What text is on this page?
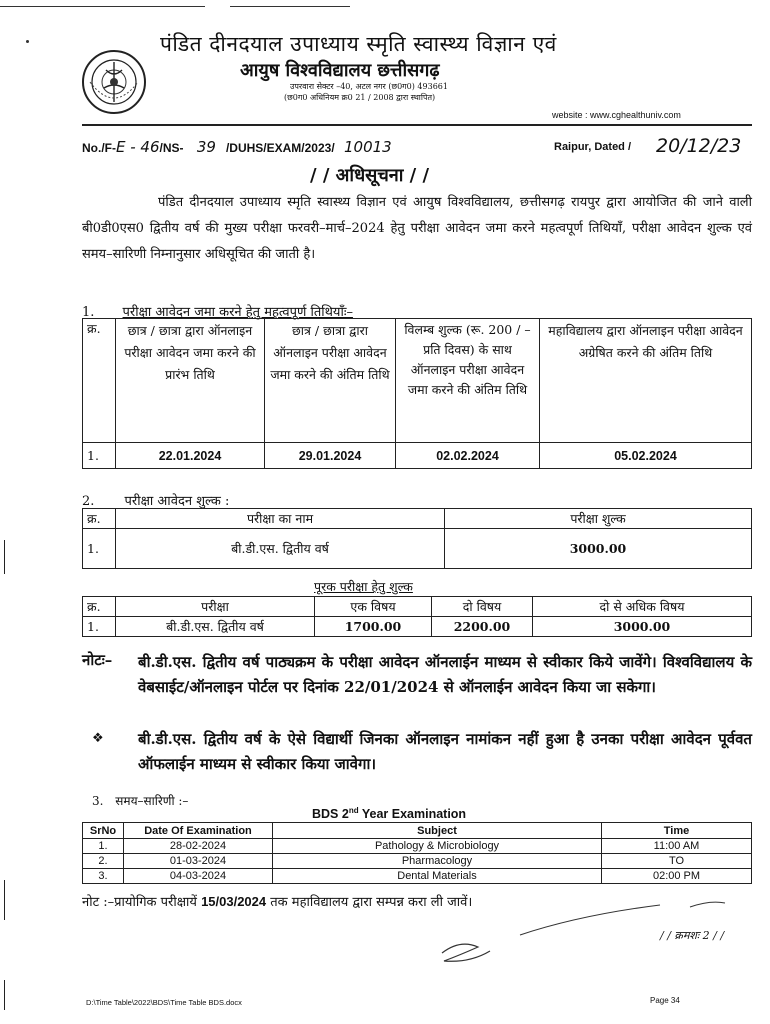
पंडित दीनदयाल उपाध्याय स्मृति स्वास्थ्य विज्ञान एवं
आयुष विश्वविद्यालय छत्तीसगढ़
उपरवारा सेक्टर –40, अटल नगर (छ0ग0) 493661
(छ0ग0 अधिनियम क्र0 21 / 2008 द्वारा स्थापित)
website : www.cghealthuniv.com
No./F-E - 46/NS- 39 /DUHS/EXAM/2023/ 10013	Raipur, Dated / 20/12/23
/ / अधिसूचना / /

पंडित दीनदयाल उपाध्याय स्मृति स्वास्थ्य विज्ञान एवं आयुष विश्वविद्यालय, छत्तीसगढ़ रायपुर द्वारा आयोजित की जाने वाली बी0डी0एस0 द्वितीय वर्ष की मुख्य परीक्षा फरवरी–मार्च–2024 हेतु परीक्षा आवेदन जमा करने महत्वपूर्ण तिथियाँ, परीक्षा आवेदन शुल्क एवं समय–सारिणी निम्नानुसार अधिसूचित की जाती है।

1. परीक्षा आवेदन जमा करने हेतु महत्वपूर्ण तिथियाँः–
क्र.	छात्र / छात्रा द्वारा ऑनलाइन परीक्षा आवेदन जमा करने की प्रारंभ तिथि	छात्र / छात्रा द्वारा ऑनलाइन परीक्षा आवेदन जमा करने की अंतिम तिथि	विलम्ब शुल्क (रू. 200 / – प्रति दिवस) के साथ ऑनलाइन परीक्षा आवेदन जमा करने की अंतिम तिथि	महाविद्यालय द्वारा ऑनलाइन परीक्षा आवेदन अग्रेषित करने की अंतिम तिथि
1.	22.01.2024	29.01.2024	02.02.2024	05.02.2024
2. परीक्षा आवेदन शुल्क :
क्र.	परीक्षा का नाम	परीक्षा शुल्क
1.	बी.डी.एस. द्वितीय वर्ष	3000.00
पूरक परीक्षा हेतु शुल्क
क्र.	परीक्षा	एक विषय	दो विषय	दो से अधिक विषय
1.	बी.डी.एस. द्वितीय वर्ष	1700.00	2200.00	3000.00
नोटः– बी.डी.एस. द्वितीय वर्ष पाठ्यक्रम के परीक्षा आवेदन ऑनलाईन माध्यम से स्वीकार किये जावेंगे। विश्वविद्यालय के वेबसाईट/ऑनलाइन पोर्टल पर दिनांक 22/01/2024 से ऑनलाईन आवेदन किया जा सकेगा।

❖ बी.डी.एस. द्वितीय वर्ष के ऐसे विद्यार्थी जिनका ऑनलाइन नामांकन नहीं हुआ है उनका परीक्षा आवेदन पूर्ववत ऑफलाईन माध्यम से स्वीकार किया जावेगा।

3. समय–सारिणी :–
BDS 2nd Year Examination
SrNo	Date Of Examination	Subject	Time
1.	28-02-2024	Pathology & Microbiology	11:00 AM
2.	01-03-2024	Pharmacology	TO
3.	04-03-2024	Dental Materials	02:00 PM
नोट :–प्रायोगिक परीक्षायें 15/03/2024 तक महाविद्यालय द्वारा सम्पन्न करा ली जावें।
/ / क्रमशः 2 / /
D:\Time Table\2022\BDS\Time Table BDS.docx	Page 34
